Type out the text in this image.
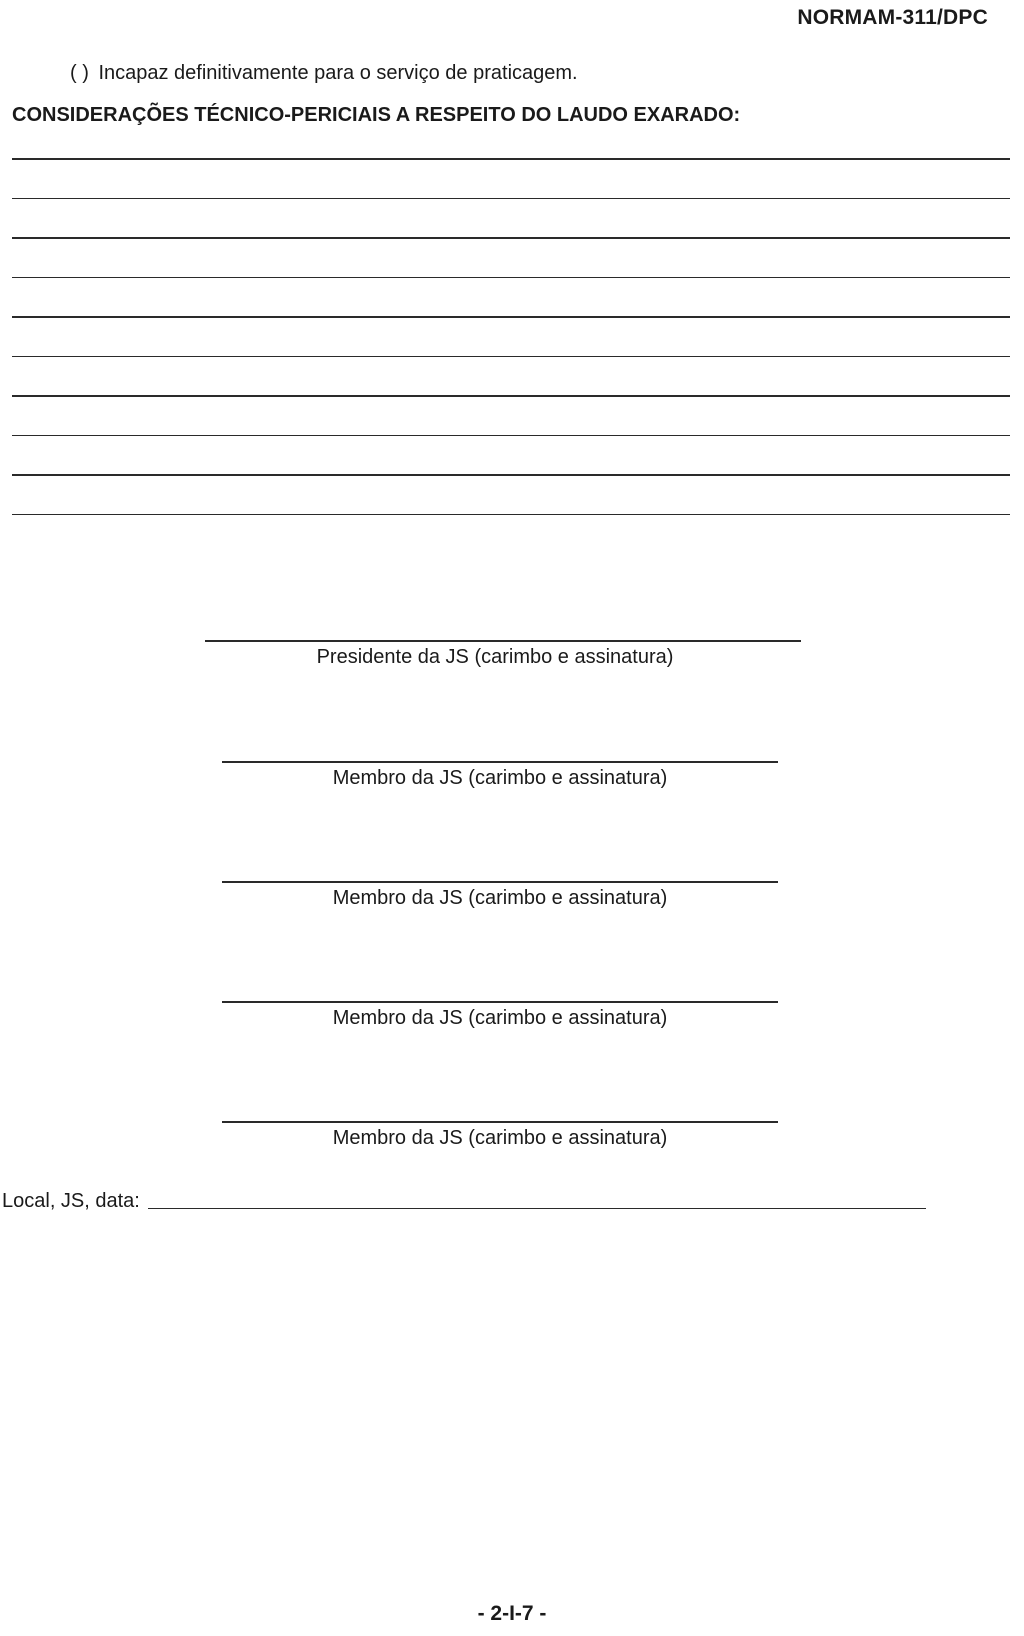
NORMAM-311/DPC
( ) Incapaz definitivamente para o serviço de praticagem.
CONSIDERAÇÕES TÉCNICO-PERICIAIS A RESPEITO DO LAUDO EXARADO:
Presidente da JS (carimbo e assinatura)
Membro da JS (carimbo e assinatura)
Membro da JS (carimbo e assinatura)
Membro da JS (carimbo e assinatura)
Membro da JS (carimbo e assinatura)
Local, JS, data:
- 2-I-7 -
